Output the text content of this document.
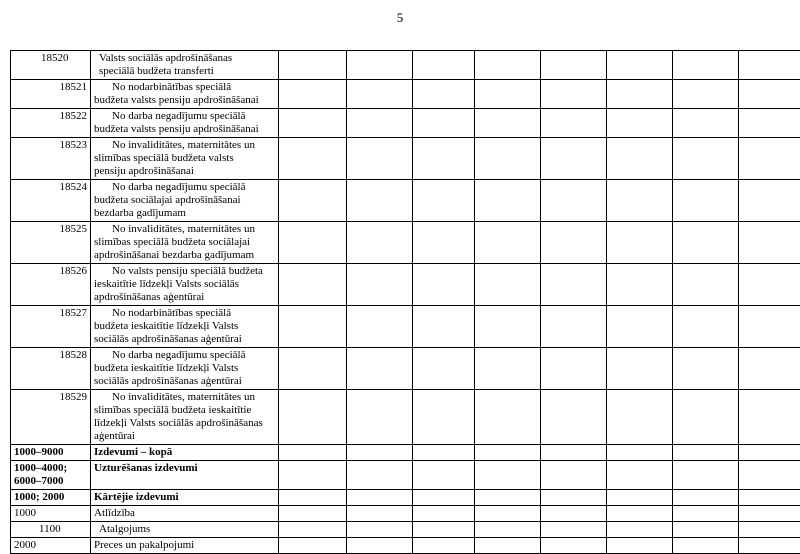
5
18520	Valsts sociālās apdrošināšanas
speciālā budžeta transferti									
18521	No nodarbinātības speciālā
budžeta valsts pensiju apdrošināšanai									
18522	No darba negadījumu speciālā
budžeta valsts pensiju apdrošināšanai									
18523	No invaliditātes, maternitātes un
slimības speciālā budžeta valsts
pensiju apdrošināšanai									
18524	No darba negadījumu speciālā
budžeta sociālajai apdrošināšanai
bezdarba gadījumam									
18525	No invaliditātes, maternitātes un
slimības speciālā budžeta sociālajai
apdrošināšanai bezdarba gadījumam									
18526	No valsts pensiju speciālā budžeta
ieskaitītie līdzekļi Valsts sociālās
apdrošināšanas aģentūrai									
18527	No nodarbinātības speciālā
budžeta ieskaitītie līdzekļi Valsts
sociālās apdrošināšanas aģentūrai									
18528	No darba negadījumu speciālā
budžeta ieskaitītie līdzekļi Valsts
sociālās apdrošināšanas aģentūrai									
18529	No invaliditātes, maternitātes un
slimības speciālā budžeta ieskaitītie
līdzekļi Valsts sociālās apdrošināšanas
aģentūrai									
1000–9000	Izdevumi – kopā									
1000–4000;
6000–7000	Uzturēšanas izdevumi									
1000; 2000	Kārtējie izdevumi									
1000	Atlīdzība									
1100	Atalgojums									
2000	Preces un pakalpojumi									
